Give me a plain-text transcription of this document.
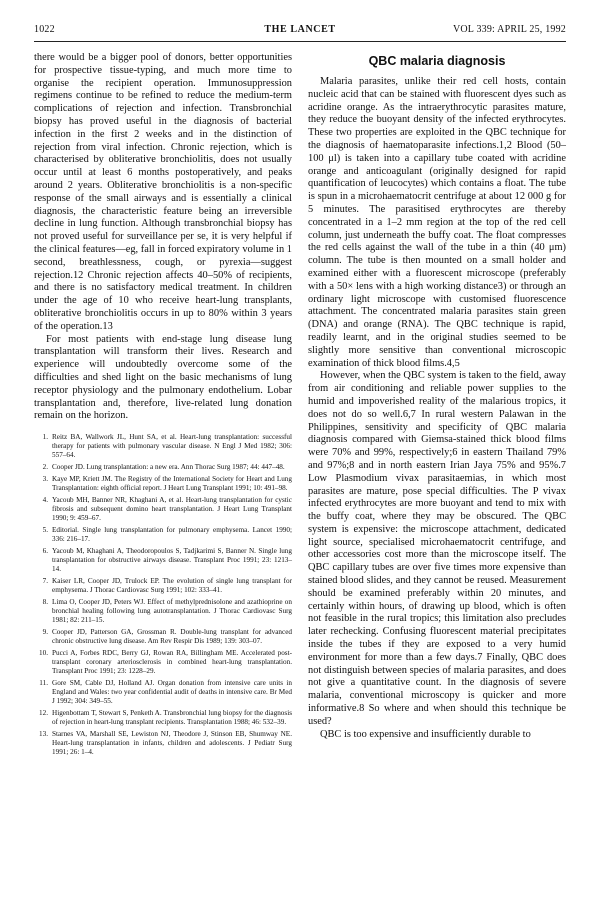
1022	THE LANCET	VOL 339: APRIL 25, 1992

there would be a bigger pool of donors, better opportunities for prospective tissue-typing, and much more time to organise the recipient operation. Immunosuppression regimens continue to be refined to reduce the medium-term complications of rejection and infection. Transbronchial biopsy has proved useful in the diagnosis of bacterial infection in the first 2 weeks and in the distinction of rejection from viral infection. Chronic rejection, which is characterised by obliterative bronchiolitis, does not usually occur until at least 6 months postoperatively, and peaks around 2 years. Obliterative bronchiolitis is a non-specific response of the small airways and is essentially a clinical diagnosis, the characteristic feature being an irreversible decline in lung function. Although transbronchial biopsy has not proved useful for surveillance per se, it is very helpful if the clinical features—eg, fall in forced expiratory volume in 1 second, breathlessness, cough, or pyrexia—suggest rejection.12 Chronic rejection affects 40–50% of recipients, and there is no satisfactory medical treatment. In children under the age of 10 who receive heart-lung transplants, obliterative bronchiolitis occurs in up to 80% within 3 years of the operation.13

For most patients with end-stage lung disease lung transplantation will transform their lives. Research and experience will undoubtedly overcome some of the difficulties and shed light on the basic mechanisms of lung receptor physiology and the pulmonary endothelium. Lobar transplantation and, therefore, live-related lung donation remain on the horizon.

1. Reitz BA, Wallwork JL, Hunt SA, et al. Heart-lung transplantation: successful therapy for patients with pulmonary vascular disease. N Engl J Med 1982; 306: 557–64.
2. Cooper JD. Lung transplantation: a new era. Ann Thorac Surg 1987; 44: 447–48.
3. Kaye MP, Kriett JM. The Registry of the International Society for Heart and Lung Transplantation: eighth official report. J Heart Lung Transplant 1991; 10: 491–98.
4. Yacoub MH, Banner NR, Khaghani A, et al. Heart-lung transplantation for cystic fibrosis and subsequent domino heart transplantation. J Heart Lung Transplant 1990; 9: 459–67.
5. Editorial. Single lung transplantation for pulmonary emphysema. Lancet 1990; 336: 216–17.
6. Yacoub M, Khaghani A, Theodoropoulos S, Tadjkarimi S, Banner N. Single lung transplantation for obstructive airways disease. Transplant Proc 1991; 23: 1213–14.
7. Kaiser LR, Cooper JD, Trulock EP. The evolution of single lung transplant for emphysema. J Thorac Cardiovasc Surg 1991; 102: 333–41.
8. Lima O, Cooper JD, Peters WJ. Effect of methylprednisolone and azathioprine on bronchial healing following lung autotransplantation. J Thorac Cardiovasc Surg 1981; 82: 211–15.
9. Cooper JD, Patterson GA, Grossman R. Double-lung transplant for advanced chronic obstructive lung disease. Am Rev Respir Dis 1989; 139: 303–07.
10. Pucci A, Forbes RDC, Berry GJ, Rowan RA, Billingham ME. Accelerated post-transplant coronary arteriosclerosis in combined heart-lung transplantation. Transplant Proc 1991; 23: 1228–29.
11. Gore SM, Cable DJ, Holland AJ. Organ donation from intensive care units in England and Wales: two year confidential audit of deaths in intensive care. Br Med J 1992; 304: 349–55.
12. Higenbottam T, Stewart S, Penketh A. Transbronchial lung biopsy for the diagnosis of rejection in heart-lung transplant recipients. Transplantation 1988; 46: 532–39.
13. Starnes VA, Marshall SE, Lewiston NJ, Theodore J, Stinson EB, Shumway NE. Heart-lung transplantation in infants, children and adolescents. J Pediatr Surg 1991; 26: 1–4.
QBC malaria diagnosis

Malaria parasites, unlike their red cell hosts, contain nucleic acid that can be stained with fluorescent dyes such as acridine orange. As the intraerythrocytic parasites mature, they reduce the buoyant density of the infected erythrocytes. These two properties are exploited in the QBC technique for the diagnosis of haematoparasite infections.1,2 Blood (50–100 μl) is taken into a capillary tube coated with acridine orange and anticoagulant (originally designed for rapid quantification of leucocytes) which contains a float. The tube is spun in a microhaematocrit centrifuge at about 12 000 g for 5 minutes. The parasitised erythrocytes are thereby concentrated in a 1–2 mm region at the top of the red cell column, just underneath the buffy coat. The float compresses the red cells against the wall of the tube in a thin (40 μm) column. The tube is then mounted on a small holder and examined either with a fluorescent microscope (preferably with a 50× lens with a high working distance3) or through an ordinary light microscope with customised fluorescence attachment. The concentrated malaria parasites stain green (DNA) and orange (RNA). The QBC technique is rapid, readily learnt, and in the original studies seemed to be slightly more sensitive than conventional microscopic examination of thick blood films.4,5

However, when the QBC system is taken to the field, away from air conditioning and reliable power supplies to the humid and impoverished reality of the malarious tropics, it does not do so well.6,7 In rural western Palawan in the Philippines, sensitivity and specificity of QBC malaria diagnosis compared with Giemsa-stained thick blood films were 70% and 99%, respectively;6 in eastern Thailand 79% and 97%;8 and in north eastern Irian Jaya 75% and 95%.7 Low Plasmodium vivax parasitaemias, in which most parasites are mature, pose special difficulties. The P vivax infected erythrocytes are more buoyant and tend to mix with the buffy coat, where they may be obscured. The QBC system is expensive: the microscope attachment, dedicated light source, specialised microhaematocrit centrifuge, and other accessories cost more than the microscope itself. The QBC capillary tubes are over five times more expensive than stained blood slides, and they cannot be reused. Measurement should be examined preferably within 20 minutes, and certainly within hours, of drawing up blood, which is often not feasible in the rural tropics; this limitation also precludes later rechecking. Confusing fluorescent material precipitates inside the tubes if they are exposed to a very humid environment for more than a few days.7 Finally, QBC does not distinguish between species of malaria parasites, and does not give a quantitative count. In the diagnosis of severe malaria, conventional microscopy is quicker and more informative.8 So where and when should this technique be used?

QBC is too expensive and insufficiently durable to
